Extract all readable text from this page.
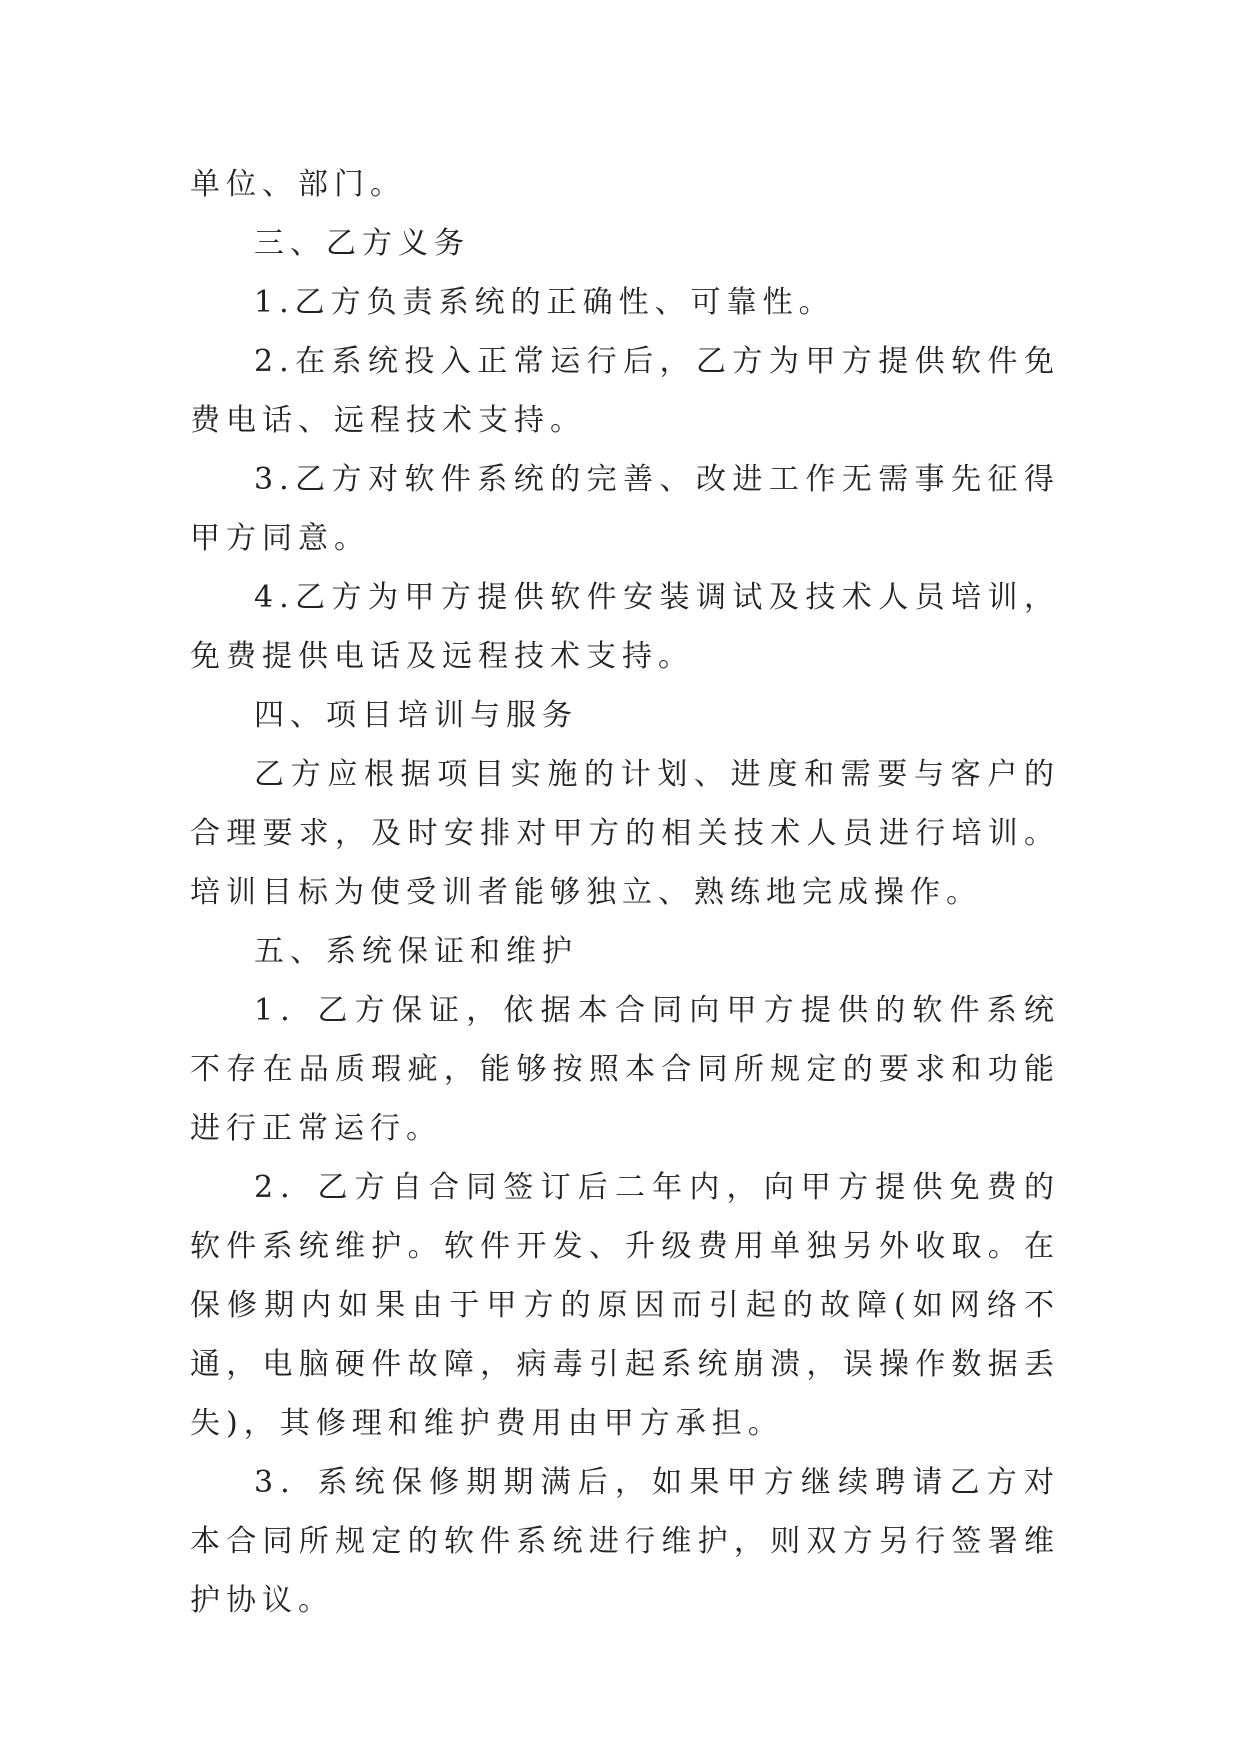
单位、部门。

三、乙方义务

1.乙方负责系统的正确性、可靠性。

2.在系统投入正常运行后，乙方为甲方提供软件免费电话、远程技术支持。

3.乙方对软件系统的完善、改进工作无需事先征得甲方同意。

4.乙方为甲方提供软件安装调试及技术人员培训，免费提供电话及远程技术支持。

四、项目培训与服务

乙方应根据项目实施的计划、进度和需要与客户的合理要求，及时安排对甲方的相关技术人员进行培训。培训目标为使受训者能够独立、熟练地完成操作。

五、系统保证和维护

1．乙方保证，依据本合同向甲方提供的软件系统不存在品质瑕疵，能够按照本合同所规定的要求和功能进行正常运行。

2．乙方自合同签订后二年内，向甲方提供免费的软件系统维护。软件开发、升级费用单独另外收取。在保修期内如果由于甲方的原因而引起的故障(如网络不通，电脑硬件故障，病毒引起系统崩溃，误操作数据丢失)，其修理和维护费用由甲方承担。

3．系统保修期期满后，如果甲方继续聘请乙方对本合同所规定的软件系统进行维护，则双方另行签署维护协议。
